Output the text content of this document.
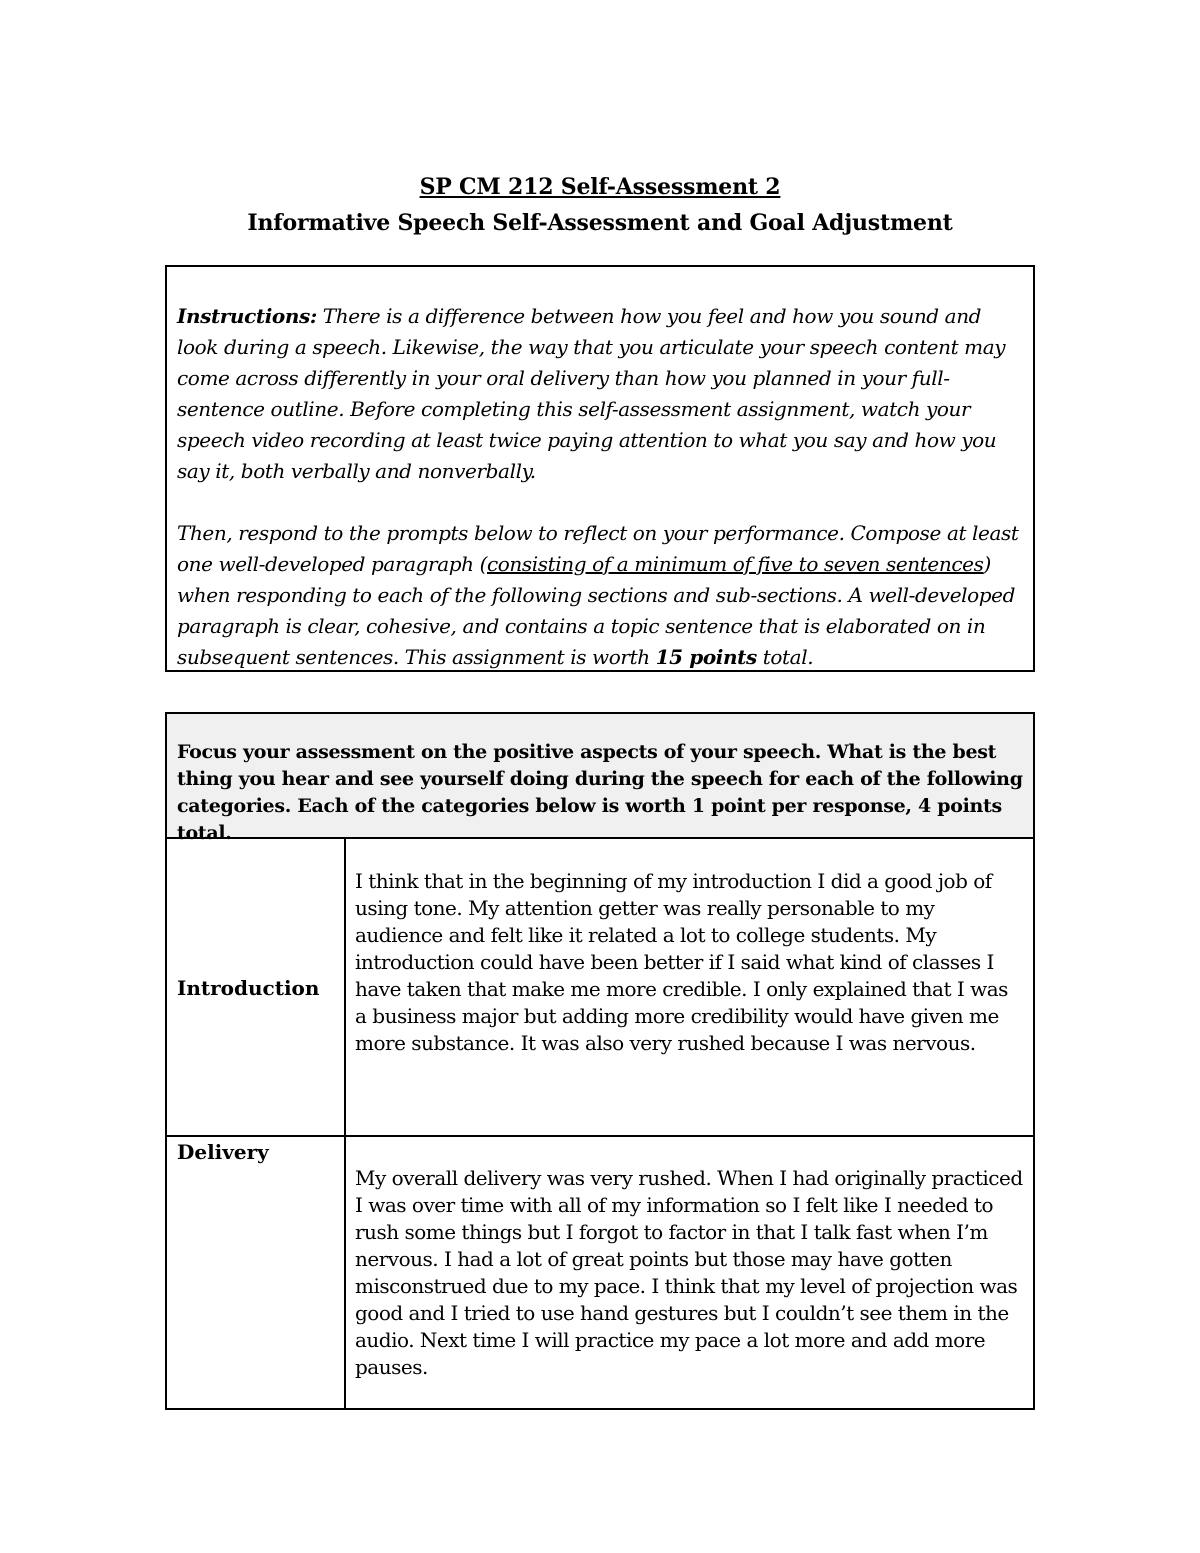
SP CM 212 Self-Assessment 2
Informative Speech Self-Assessment and Goal Adjustment

Instructions: There is a difference between how you feel and how you sound and look during a speech. Likewise, the way that you articulate your speech content may come across differently in your oral delivery than how you planned in your full-sentence outline. Before completing this self-assessment assignment, watch your speech video recording at least twice paying attention to what you say and how you say it, both verbally and nonverbally.

Then, respond to the prompts below to reflect on your performance. Compose at least one well-developed paragraph (consisting of a minimum of five to seven sentences) when responding to each of the following sections and sub-sections. A well-developed paragraph is clear, cohesive, and contains a topic sentence that is elaborated on in subsequent sentences. This assignment is worth 15 points total.

Focus your assessment on the positive aspects of your speech. What is the best thing you hear and see yourself doing during the speech for each of the following categories. Each of the categories below is worth 1 point per response, 4 points total.
Introduction
I think that in the beginning of my introduction I did a good job of using tone. My attention getter was really personable to my audience and felt like it related a lot to college students. My introduction could have been better if I said what kind of classes I have taken that make me more credible. I only explained that I was a business major but adding more credibility would have given me more substance. It was also very rushed because I was nervous.
Delivery
My overall delivery was very rushed. When I had originally practiced I was over time with all of my information so I felt like I needed to rush some things but I forgot to factor in that I talk fast when I’m nervous. I had a lot of great points but those may have gotten misconstrued due to my pace. I think that my level of projection was good and I tried to use hand gestures but I couldn’t see them in the audio. Next time I will practice my pace a lot more and add more pauses.
